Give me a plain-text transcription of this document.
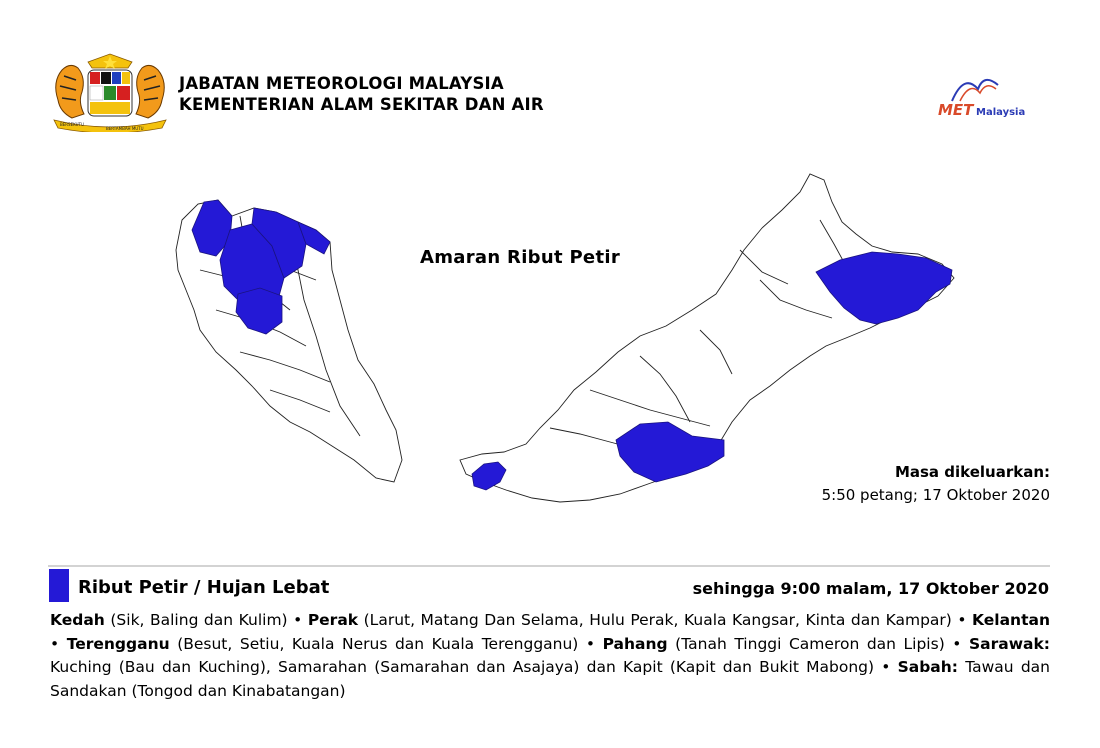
BERSEKUTU
BERTAMBAH MUTU
JABATAN METEOROLOGI MALAYSIA
KEMENTERIAN ALAM SEKITAR DAN AIR	MET Malaysia
Amaran Ribut Petir
Masa dikeluarkan:
5:50 petang; 17 Oktober 2020
Ribut Petir / Hujan Lebat	sehingga 9:00 malam, 17 Oktober 2020
Kedah (Sik, Baling dan Kulim) • Perak (Larut, Matang Dan Selama, Hulu Perak, Kuala Kangsar, Kinta dan Kampar) • Kelantan • Terengganu (Besut, Setiu, Kuala Nerus dan Kuala Terengganu) • Pahang (Tanah Tinggi Cameron dan Lipis) • Sarawak: Kuching (Bau dan Kuching), Samarahan (Samarahan dan Asajaya) dan Kapit (Kapit dan Bukit Mabong) • Sabah: Tawau dan Sandakan (Tongod dan Kinabatangan)
